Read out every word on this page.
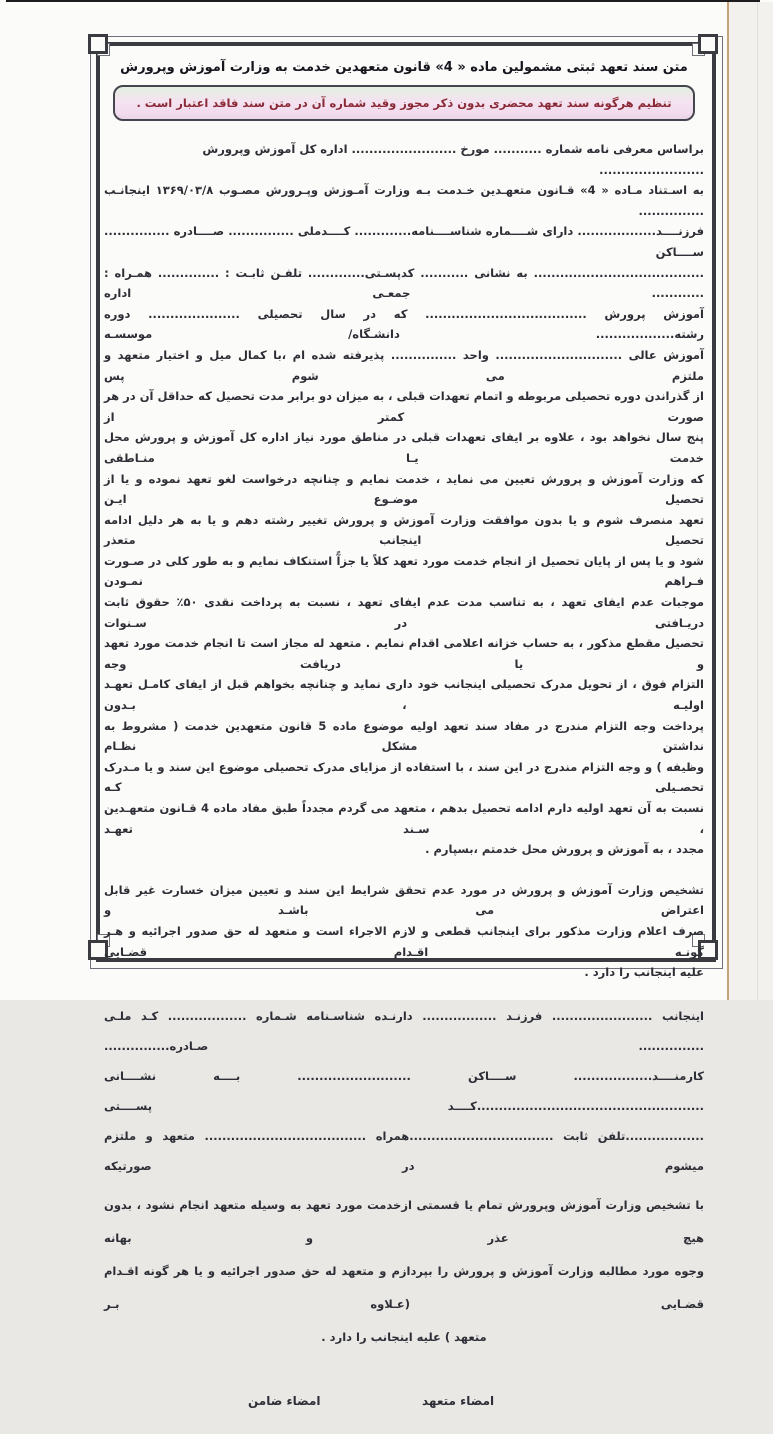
متن سند تعهد ثبتی مشمولین ماده « 4» قانون متعهدین خدمت به وزارت آموزش وپرورش
تنظیم هرگونه سند تعهد محضری بدون ذکر مجوز وقید شماره آن در متن سند فاقد اعتبار است .
براساس معرفی نامه شماره ........... مورخ ........................ اداره کل آموزش وپرورش ........................
به اسـتناد مـاده « 4» قـانون متعهـدین خـدمت بـه وزارت آمـوزش وپـرورش مصـوب ۱۳۶۹/۰۳/۸ اینجانـب ...............
فرزنــــد.................. دارای شــــماره شناســــنامه............. کــــدملی ............... صــــادره ............... ســــاکن
....................................... به نشانی ........... کدپسـتی............. تلفـن ثابـت : .............. همـراه : ............ جمعـی اداره
آموزش پرورش ..................................... که در سال تحصیلی ..................... دوره رشته.................. دانشـگاه/ موسسـه
آموزش عالی ............................. واحد ............... پذیرفته شده ام ،با کمال میل و اختیار متعهد و ملتزم می شوم پس
از گذراندن دوره تحصیلی مربوطه و اتمام تعهدات قبلی ، به میزان دو برابر مدت تحصیل که حداقل آن در هر صورت کمتر از
پنج سال نخواهد بود ، علاوه بر ایفای تعهدات قبلی در مناطق مورد نیاز اداره کل آموزش و پرورش محل خدمت یـا منـاطقی
که وزارت آموزش و پرورش تعیین می نماید ، خدمت نمایم و چنانچه درخواست لغو تعهد نموده و یا از تحصیل موضـوع ایـن
تعهد منصرف شوم و یا بدون موافقت وزارت آموزش و پرورش تغییر رشته دهم و یا به هر دلیل ادامه تحصیل اینجانب متعذر
شود و یا پس از پایان تحصیل از انجام خدمت مورد تعهد کلاً یا جزآً استنکاف نمایم و به طور کلی در صـورت فـراهم نمـودن
موجبات عدم ایفای تعهد ، به تناسب مدت عدم ایفای تعهد ، نسبت به پرداخت نقدی ۵۰٪ حقوق ثابت دریـافتی در سـنوات
تحصیل مقطع مذکور ، به حساب خزانه اعلامی اقدام نمایم . متعهد له مجاز است تا انجام خدمت مورد تعهد و یا دریافت وجه
التزام فوق ، از تحویل مدرک تحصیلی اینجانب خود داری نماید و چنانچه بخواهم قبل از ایفای کامـل تعهـد اولیـه ، بـدون
پرداخت وجه التزام مندرج در مفاد سند تعهد اولیه موضوع ماده 5 قانون متعهدین خدمت ( مشروط به نداشتن مشکل نظـام
وظیفه ) و وجه التزام مندرج در این سند ، با استفاده از مزایای مدرک تحصیلی موضوع این سند و یا مـدرک تحصـیلی کـه
نسبت به آن تعهد اولیه دارم ادامه تحصیل بدهم ، متعهد می گردم مجدداً طبق مفاد ماده 4 قـانون متعهـدین ، سـند تعهـد
مجدد ، به آموزش و پرورش محل خدمتم ،بسپارم .
تشخیص وزارت آموزش و پرورش در مورد عدم تحقق شرایط این سند و تعیین میزان خسارت غیر قابل اعتراض می باشـد و
صرف اعلام وزارت مذکور برای اینجانب قطعی و لازم الاجراء است و متعهد له حق صدور اجرائیه و هـر گونـه اقـدام قضـایی
علیه اینجانب را دارد .
اینجانب ....................... فرزنـد ................. دارنـده شناسـنامه شـماره .................. کـد ملـی ............... صـادره...............
کارمنــــد.................. ســــاکن .......................... بــــه نشــــانی ....................................................کــــد پســــتی
..................تلفن ثابت .................................همراه ..................................... متعهد و ملتزم میشوم در صورتیکه
با تشخیص وزارت آموزش وپرورش تمام یا قسمتی ازخدمت مورد تعهد به وسیله متعهد انجام نشود ، بدون هیچ عذر و بهانه
وجوه مورد مطالبه وزارت آموزش و پرورش را بپردازم و متعهد له حق صدور اجرائیه و یا هر گونه اقـدام قضـایی (عـلاوه بـر
متعهد ) علیه اینجانب را دارد .
امضاء متعهد
امضاء ضامن
